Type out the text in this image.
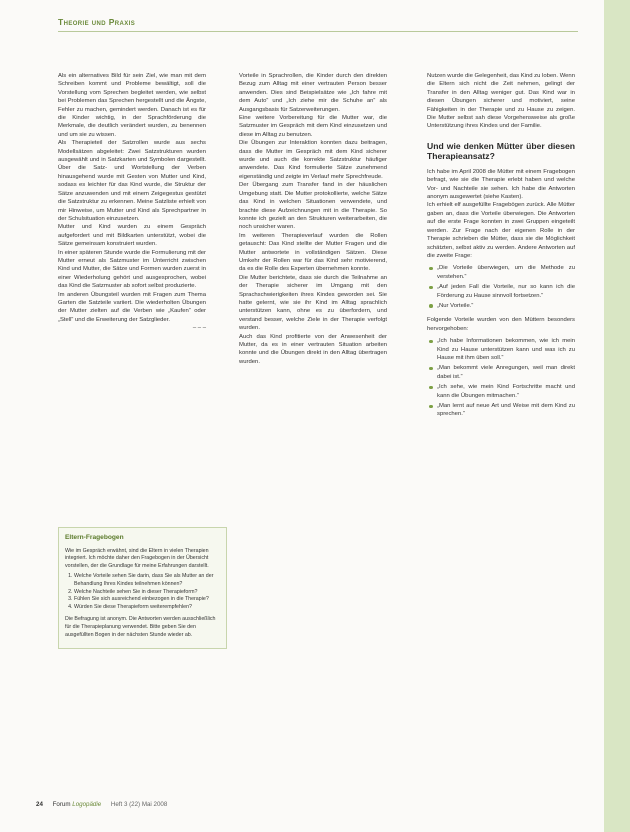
Theorie und Praxis

Als ein alternatives Bild für sein Ziel, wie man mit dem Schreiben kommt und Probleme bewältigt, soll die Vorstellung vom Sprechen begleitet werden, wie selbst bei Problemen das Sprechen hergestellt und die Ängste, Fehler zu machen, gemindert werden. Danach ist es für die Kinder wichtig, in der Sprachförderung die Merkmale, die deutlich verändert wurden, zu benennen und um sie zu wissen.

Als Therapieteil der Satzrollen wurde aus sechs Modellsätzen abgeleitet: Zwei Satzstrukturen wurden ausgewählt und in Satzkarten und Symbolen dargestellt. Über die Satz- und Wortstellung der Verben hinausgehend wurde mit Gesten von Mutter und Kind, sodass es leichter für das Kind wurde, die Struktur der Sätze anzuwenden und mit einem Zeigegestus gestützt die Satzstruktur zu erkennen. Meine Satzliste erhielt von mir Hinweise, um Mutter und Kind als Sprechpartner in der Schulsituation einzusetzen.

Mutter und Kind wurden zu einem Gespräch aufgefordert und mit Bildkarten unterstützt, wobei die Sätze gemeinsam konstruiert wurden.

In einer späteren Stunde wurde die Formulierung mit der Mutter erneut als Satzmuster im Unterricht zwischen Kind und Mutter, die Sätze und Formen wurden zuerst in einer Wiederholung gehört und ausgesprochen, wobei das Kind die Satzmuster ab sofort selbst produzierte.

Im anderen Übungsteil wurden mit Fragen zum Thema Garten die Satzteile variiert. Die wiederholten Übungen der Mutter zielten auf die Verben wie „Kaufen“ oder „Stell“ und die Erweiterung der Satzglieder.

– – –

Eltern-Fragebogen

Wie im Gespräch erwähnt, sind die Eltern in vielen Therapien integriert. Ich möchte daher den Fragebogen in der Übersicht vorstellen, der die Grundlage für meine Erfahrungen darstellt.

1. Welche Vorteile sehen Sie darin, dass Sie als Mutter an der Behandlung Ihres Kindes teilnehmen können?
2. Welche Nachteile sehen Sie in dieser Therapieform?
3. Fühlen Sie sich ausreichend einbezogen in die Therapie?
4. Würden Sie diese Therapieform weiterempfehlen?

Die Befragung ist anonym. Die Antworten werden ausschließlich für die Therapieplanung verwendet. Bitte geben Sie den ausgefüllten Bogen in der nächsten Stunde wieder ab.

Vorteile in Sprachrollen, die Kinder durch den direkten Bezug zum Alltag mit einer vertrauten Person besser anwenden. Dies sind Beispielsätze wie „Ich fahre mit dem Auto“ und „Ich ziehe mir die Schuhe an“ als Ausgangsbasis für Satzerweiterungen.

Eine weitere Vorbereitung für die Mutter war, die Satzmuster im Gespräch mit dem Kind einzusetzen und diese im Alltag zu benutzen.

Die Übungen zur Interaktion konnten dazu beitragen, dass die Mutter im Gespräch mit dem Kind sicherer wurde und auch die korrekte Satzstruktur häufiger anwendete. Das Kind formulierte Sätze zunehmend eigenständig und zeigte im Verlauf mehr Sprechfreude.

Der Übergang zum Transfer fand in der häuslichen Umgebung statt. Die Mutter protokollierte, welche Sätze das Kind in welchen Situationen verwendete, und brachte diese Aufzeichnungen mit in die Therapie. So konnte ich gezielt an den Strukturen weiterarbeiten, die noch unsicher waren.

Im weiteren Therapieverlauf wurden die Rollen getauscht: Das Kind stellte der Mutter Fragen und die Mutter antwortete in vollständigen Sätzen. Diese Umkehr der Rollen war für das Kind sehr motivierend, da es die Rolle des Experten übernehmen konnte.

Die Mutter berichtete, dass sie durch die Teilnahme an der Therapie sicherer im Umgang mit den Sprachschwierigkeiten ihres Kindes geworden sei. Sie hatte gelernt, wie sie ihr Kind im Alltag sprachlich unterstützen kann, ohne es zu überfordern, und verstand besser, welche Ziele in der Therapie verfolgt wurden.

Auch das Kind profitierte von der Anwesenheit der Mutter, da es in einer vertrauten Situation arbeiten konnte und die Übungen direkt in den Alltag übertragen wurden.

Nutzen wurde die Gelegenheit, das Kind zu loben. Wenn die Eltern sich nicht die Zeit nehmen, gelingt der Transfer in den Alltag weniger gut. Das Kind war in diesen Übungen sicherer und motiviert, seine Fähigkeiten in der Therapie und zu Hause zu zeigen. Die Mutter selbst sah diese Vorgehensweise als große Unterstützung ihres Kindes und der Familie.

Und wie denken Mütter über diesen Therapieansatz?

Ich habe im April 2008 die Mütter mit einem Fragebogen befragt, wie sie die Therapie erlebt haben und welche Vor- und Nachteile sie sehen. Ich habe die Antworten anonym ausgewertet (siehe Kasten).

Ich erhielt elf ausgefüllte Fragebögen zurück. Alle Mütter gaben an, dass die Vorteile überwiegen. Die Antworten auf die erste Frage konnten in zwei Gruppen eingeteilt werden. Zur Frage nach der eigenen Rolle in der Therapie schrieben die Mütter, dass sie die Möglichkeit schätzten, selbst aktiv zu werden. Andere Antworten auf die zweite Frage:

„Die Vorteile überwiegen, um die Methode zu verstehen.“
„Auf jeden Fall die Vorteile, nur so kann ich die Förderung zu Hause sinnvoll fortsetzen.“
„Nur Vorteile.“

Folgende Vorteile wurden von den Müttern besonders hervorgehoben:

„Ich habe Informationen bekommen, wie ich mein Kind zu Hause unterstützen kann und was ich zu Hause mit ihm üben soll.“
„Man bekommt viele Anregungen, weil man direkt dabei ist.“
„Ich sehe, wie mein Kind Fortschritte macht und kann die Übungen mitmachen.“
„Man lernt auf neue Art und Weise mit dem Kind zu sprechen.“
24 Forum Logopädie Heft 3 (22) Mai 2008
